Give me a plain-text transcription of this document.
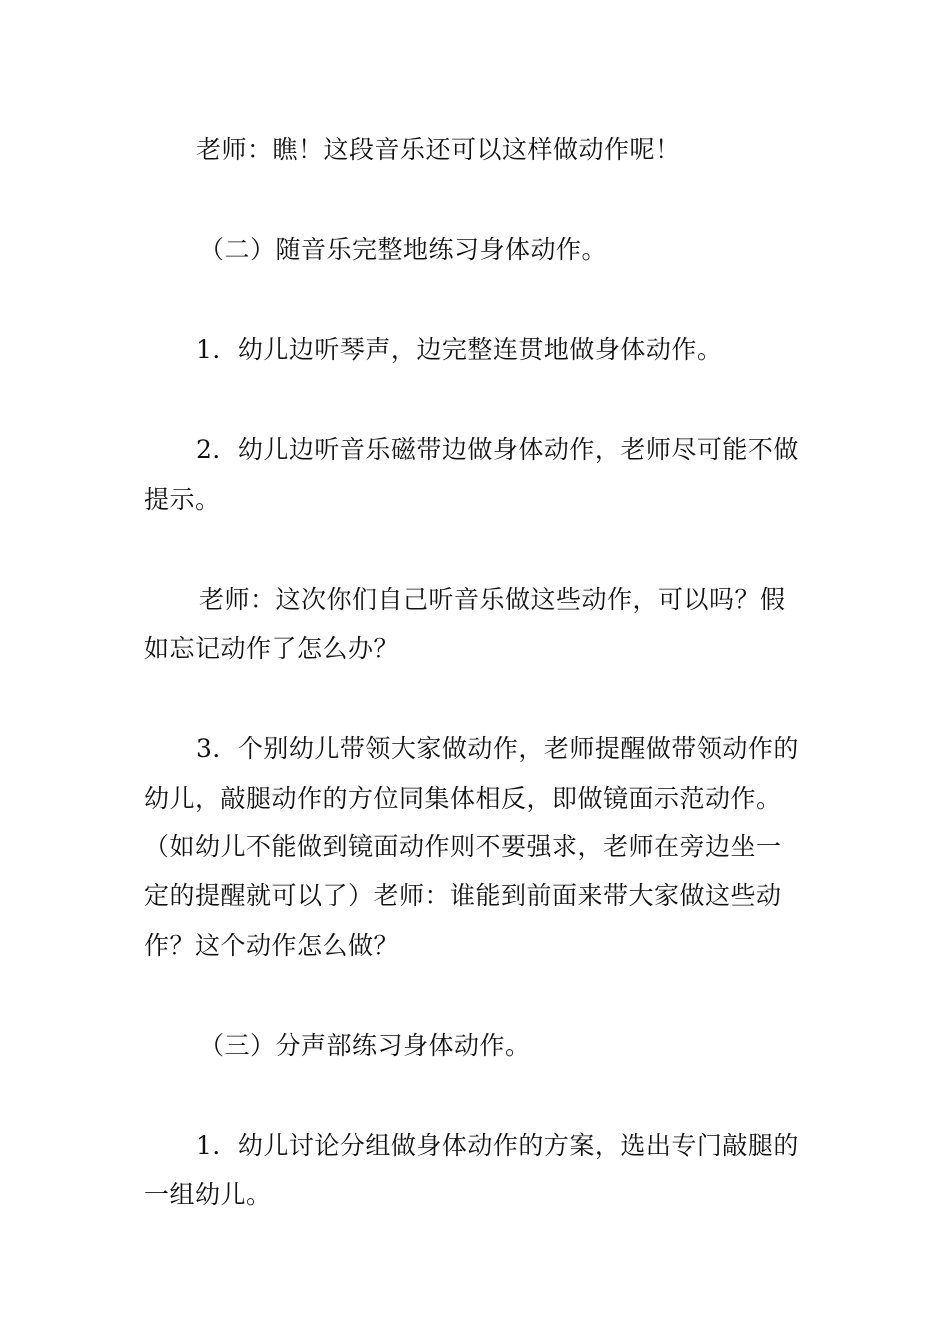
老师：瞧！这段音乐还可以这样做动作呢！
（二）随音乐完整地练习身体动作。
1．幼儿边听琴声，边完整连贯地做身体动作。
2．幼儿边听音乐磁带边做身体动作，老师尽可能不做
提示。
老师：这次你们自己听音乐做这些动作，可以吗？假
如忘记动作了怎么办？
3．个别幼儿带领大家做动作，老师提醒做带领动作的
幼儿，敲腿动作的方位同集体相反，即做镜面示范动作。
（如幼儿不能做到镜面动作则不要强求，老师在旁边坐一
定的提醒就可以了）老师：谁能到前面来带大家做这些动
作？这个动作怎么做？
（三）分声部练习身体动作。
1．幼儿讨论分组做身体动作的方案，选出专门敲腿的
一组幼儿。
